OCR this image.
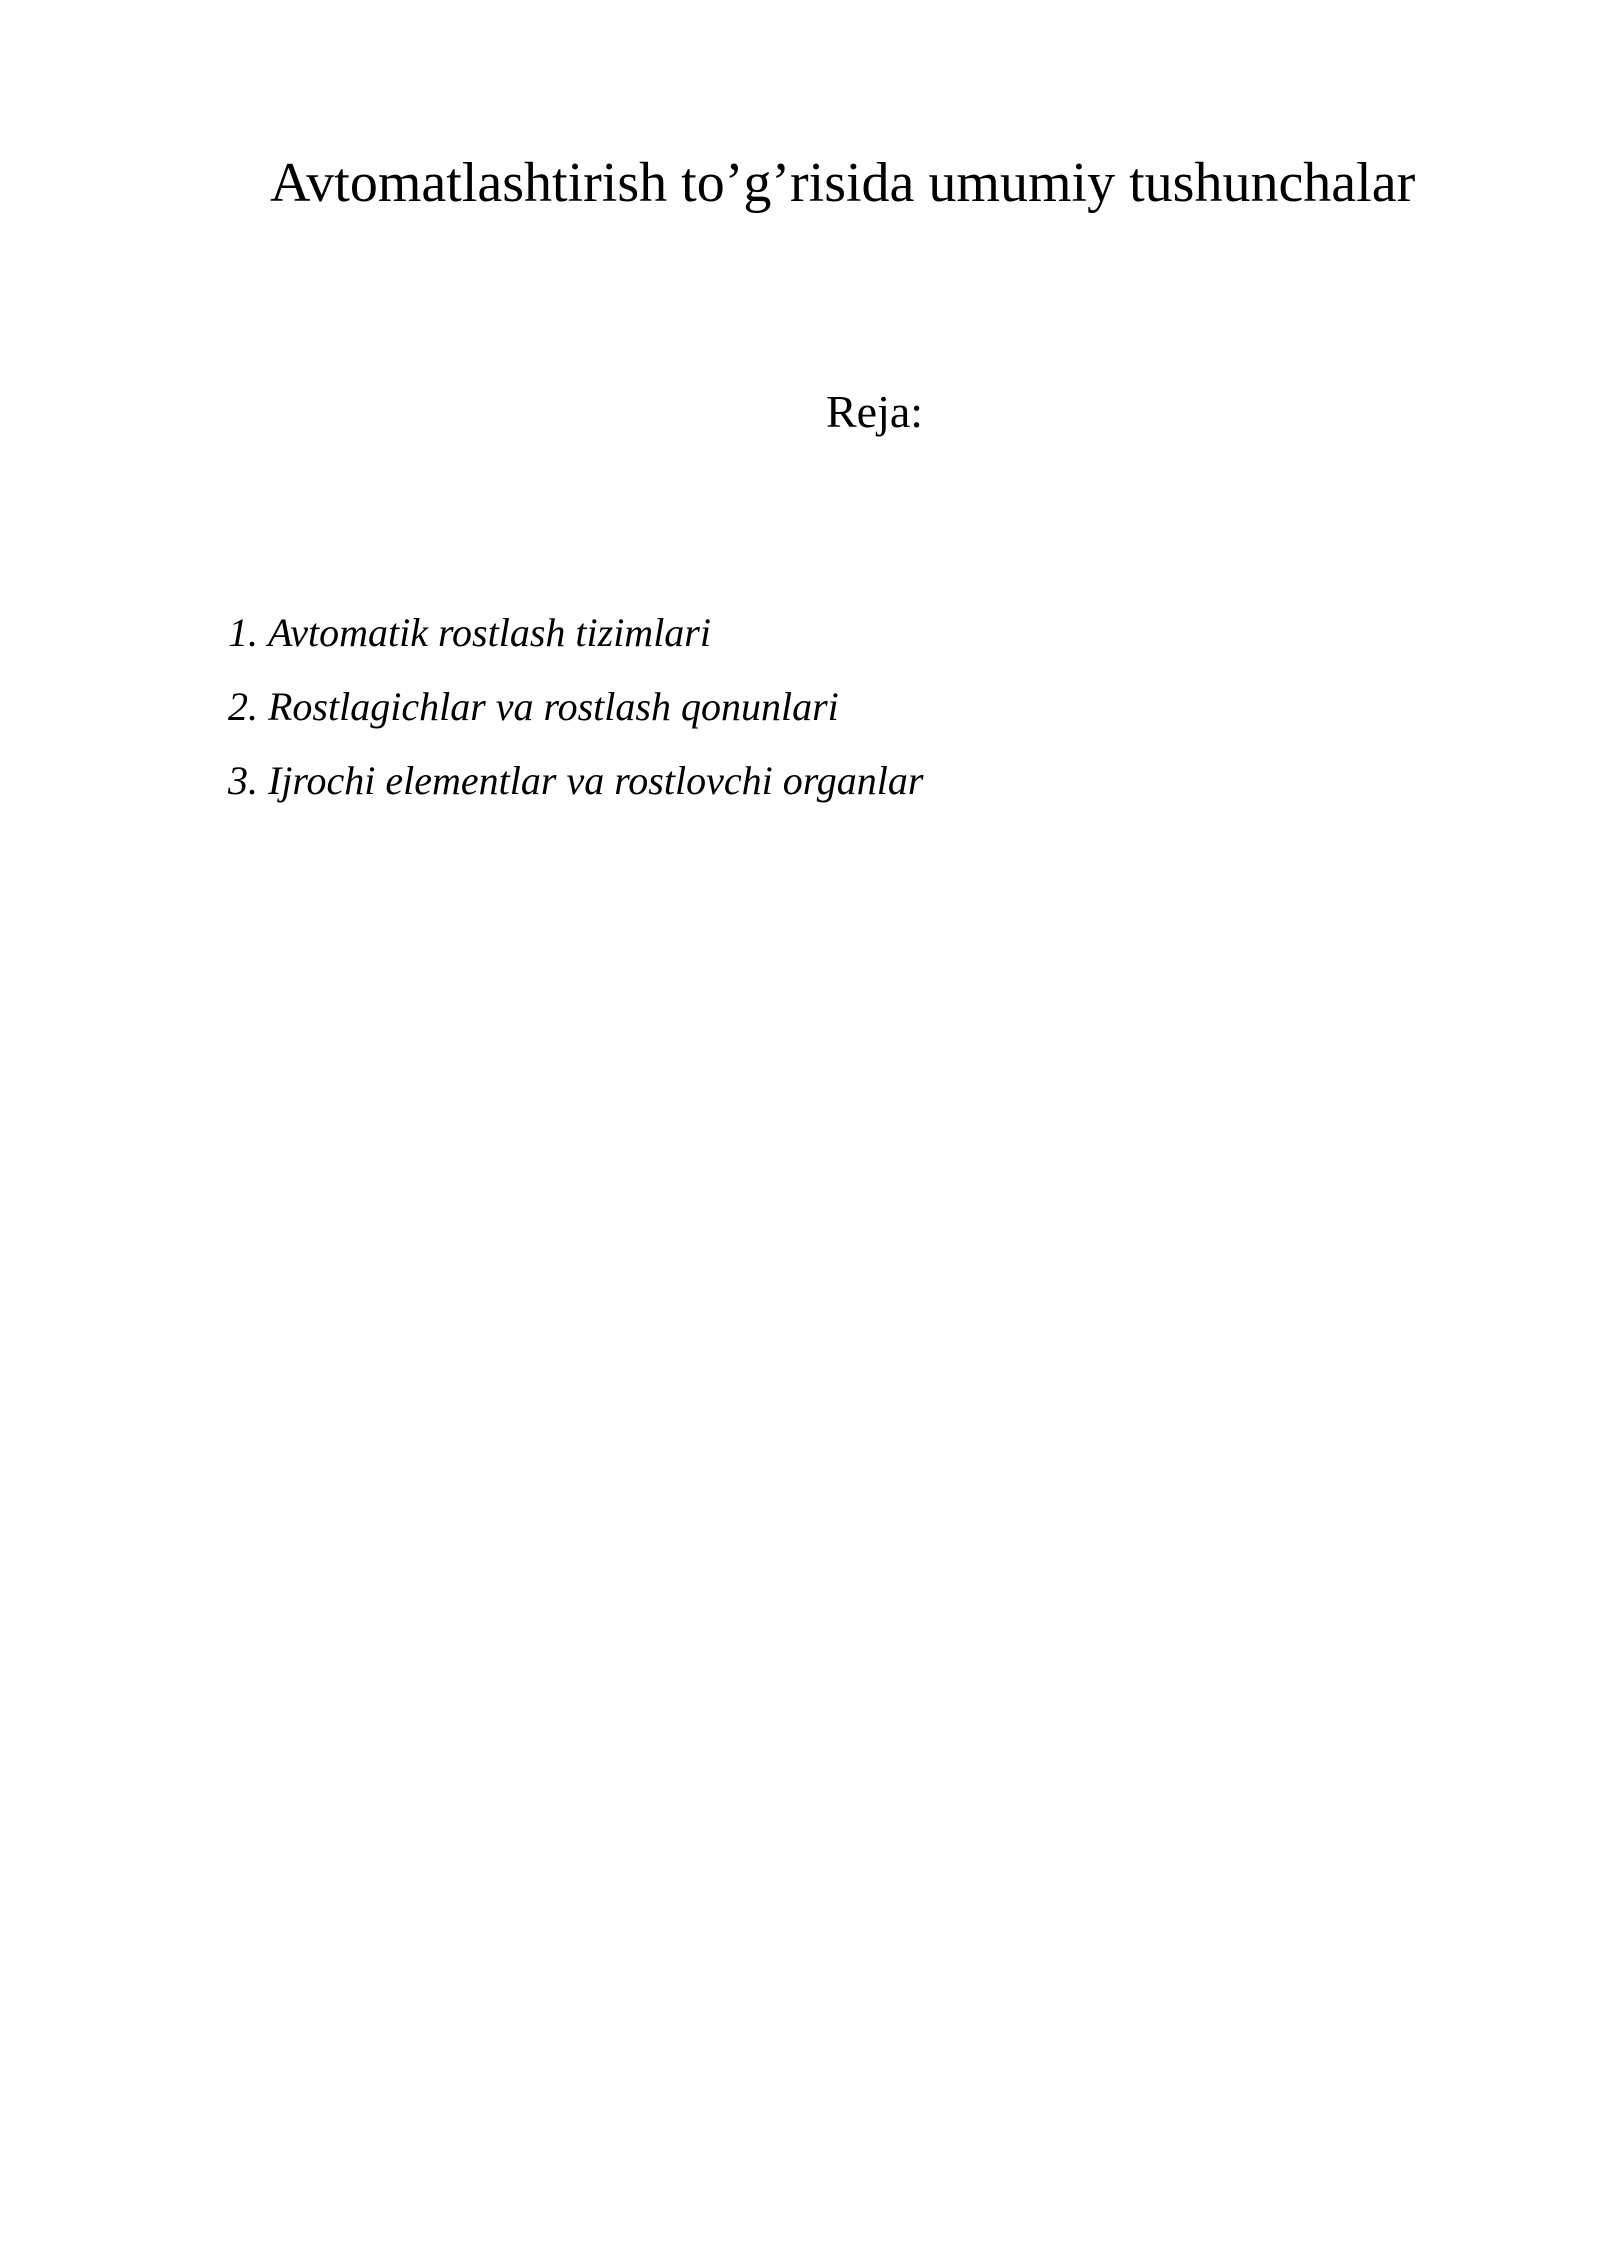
Avtomatlashtirish to’g’risida umumiy tushunchalar
Reja:
1. Avtomatik rostlash tizimlari
2. Rostlagichlar va rostlash qonunlari
3. Ijrochi elementlar va rostlovchi organlar
